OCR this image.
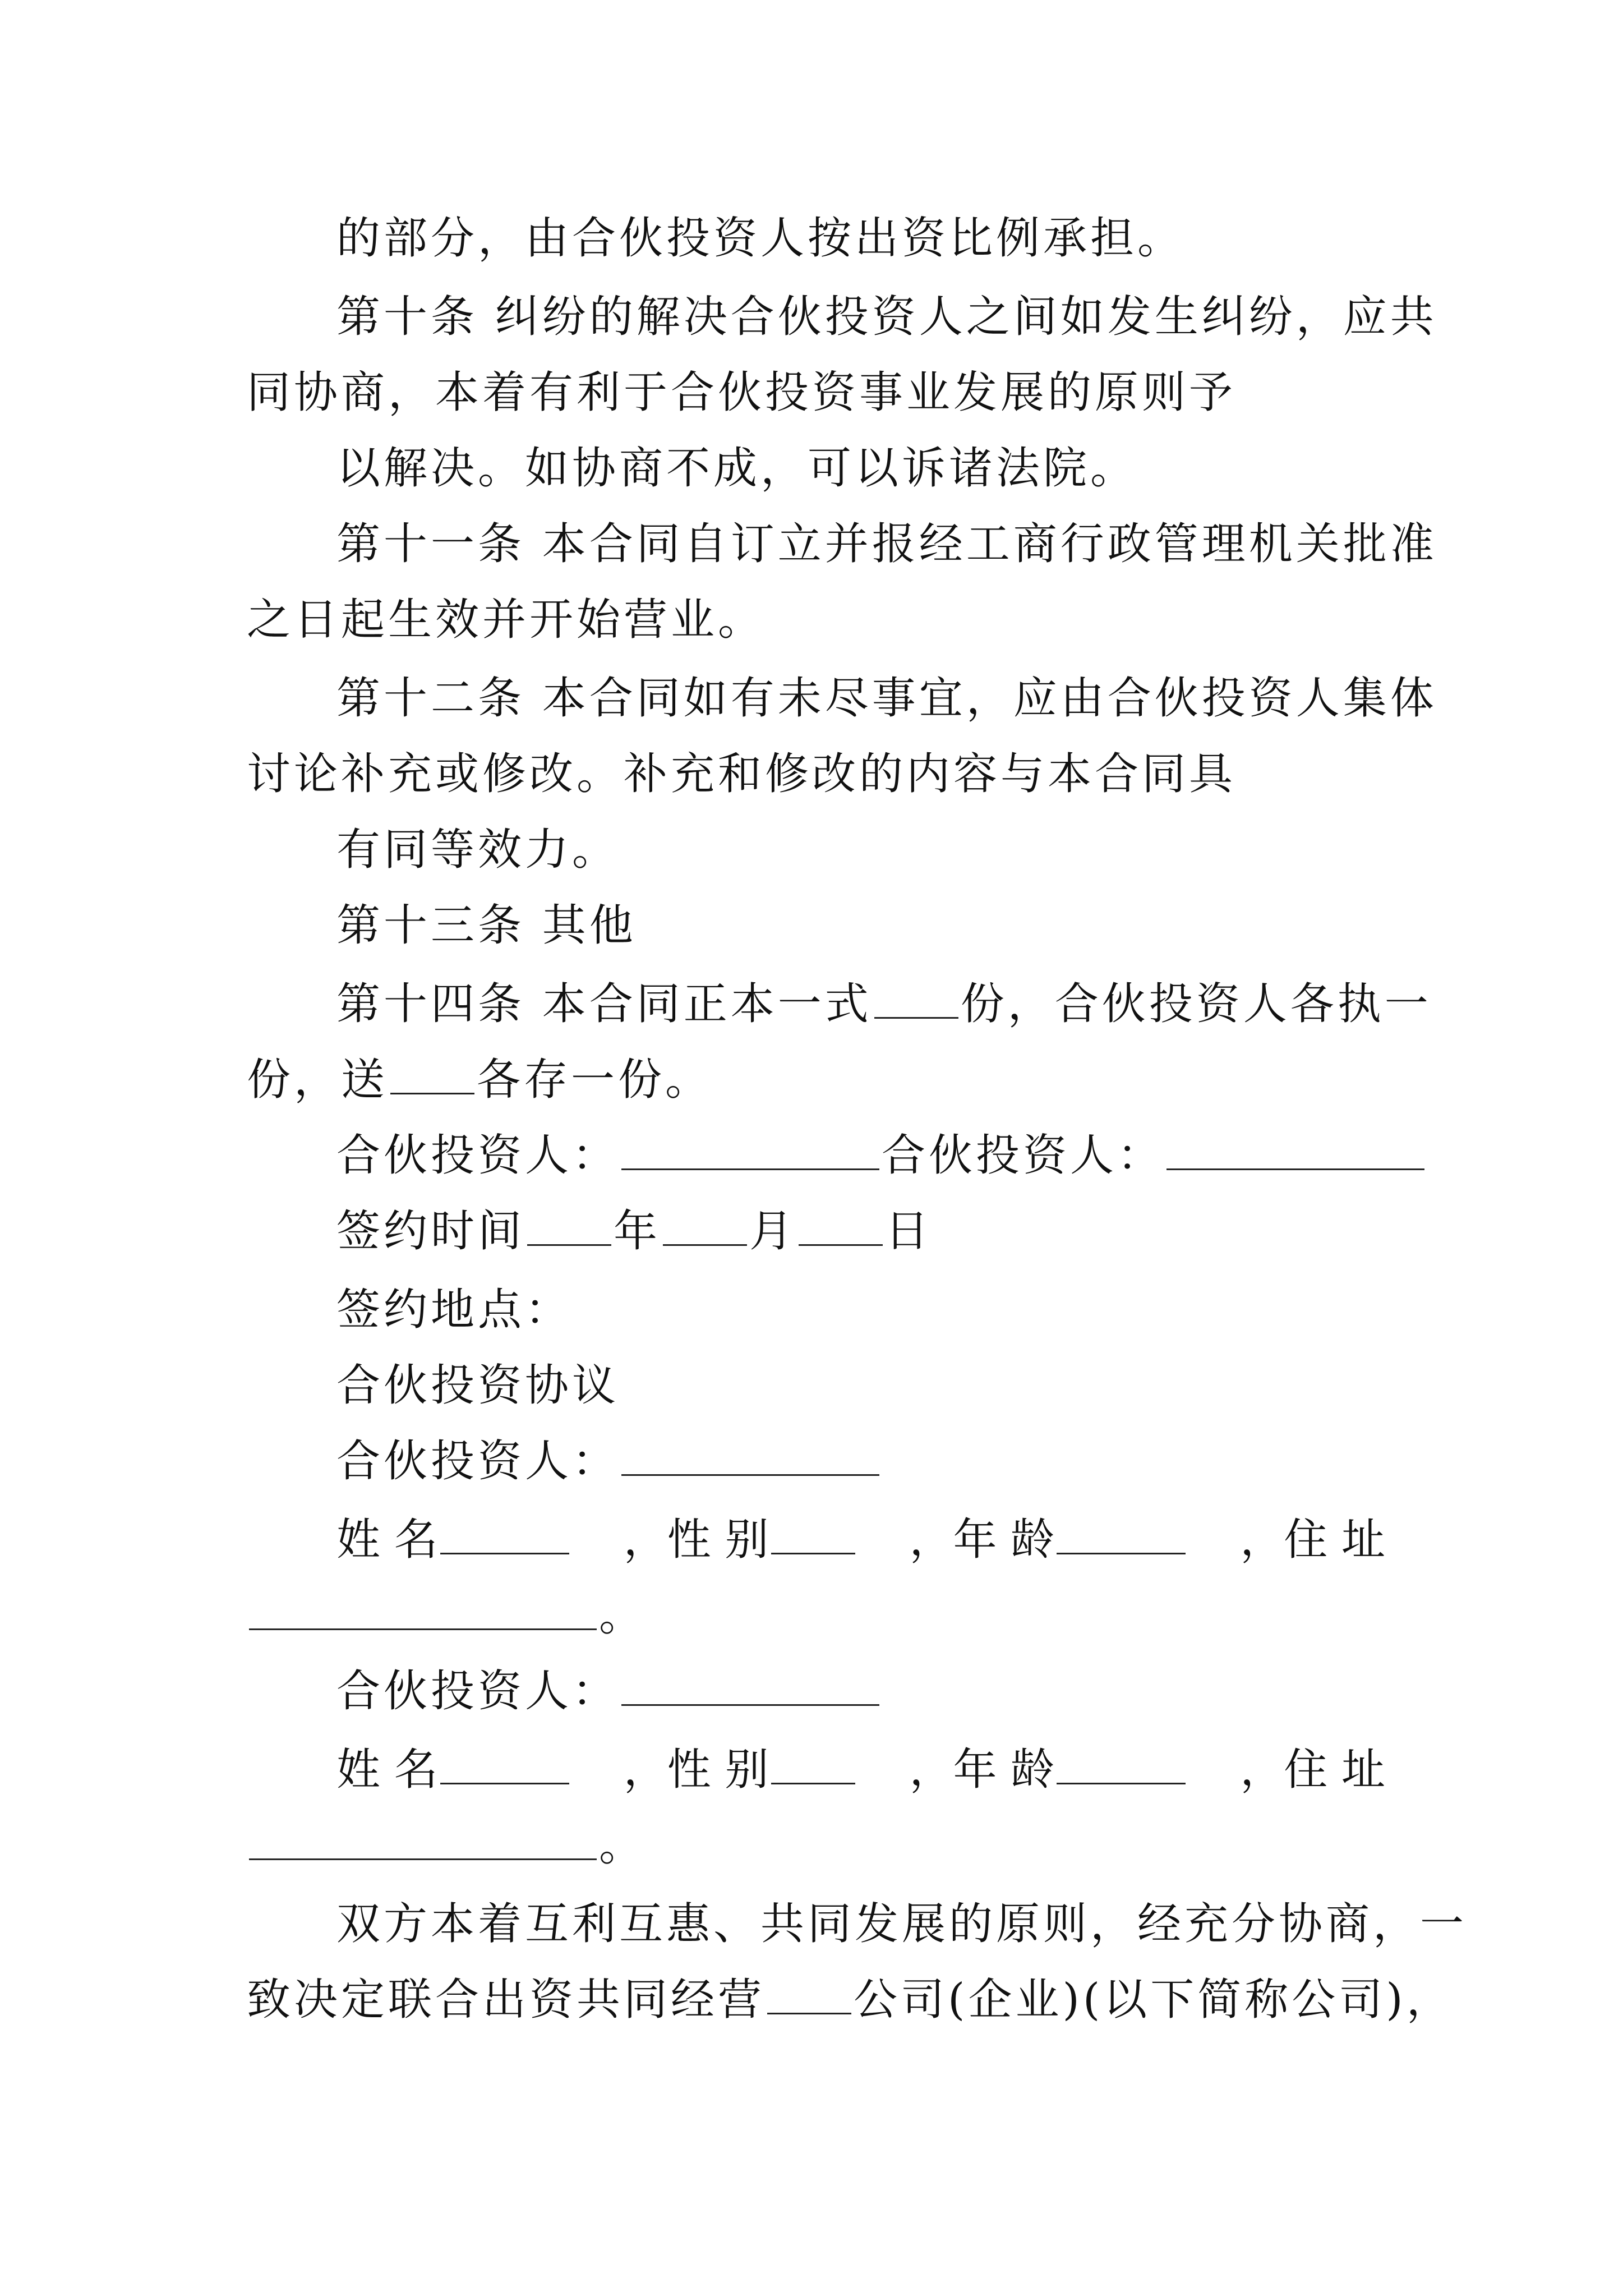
的部分，由合伙投资人按出资比例承担。
第十条 纠纷的解决合伙投资人之间如发生纠纷，应共
同协商，本着有利于合伙投资事业发展的原则予
以解决。如协商不成，可以诉诸法院。
第十一条 本合同自订立并报经工商行政管理机关批准
之日起生效并开始营业。
第十二条 本合同如有未尽事宜，应由合伙投资人集体
讨论补充或修改。补充和修改的内容与本合同具
有同等效力。
第十三条 其他
第十四条 本合同正本一式 份，合伙投资人各执一
份，送 各存一份。
合伙投资人：	合伙投资人：
签约时间 年 月 日
签约地点：
合伙投资协议
合伙投资人：
姓 名	，性 别	，年 龄	，住 址
。
合伙投资人：
姓 名	，性 别	，年 龄	，住 址
。
双方本着互利互惠、共同发展的原则，经充分协商，一
致决定联合出资共同经营 公司(企业)(以下简称公司)，
